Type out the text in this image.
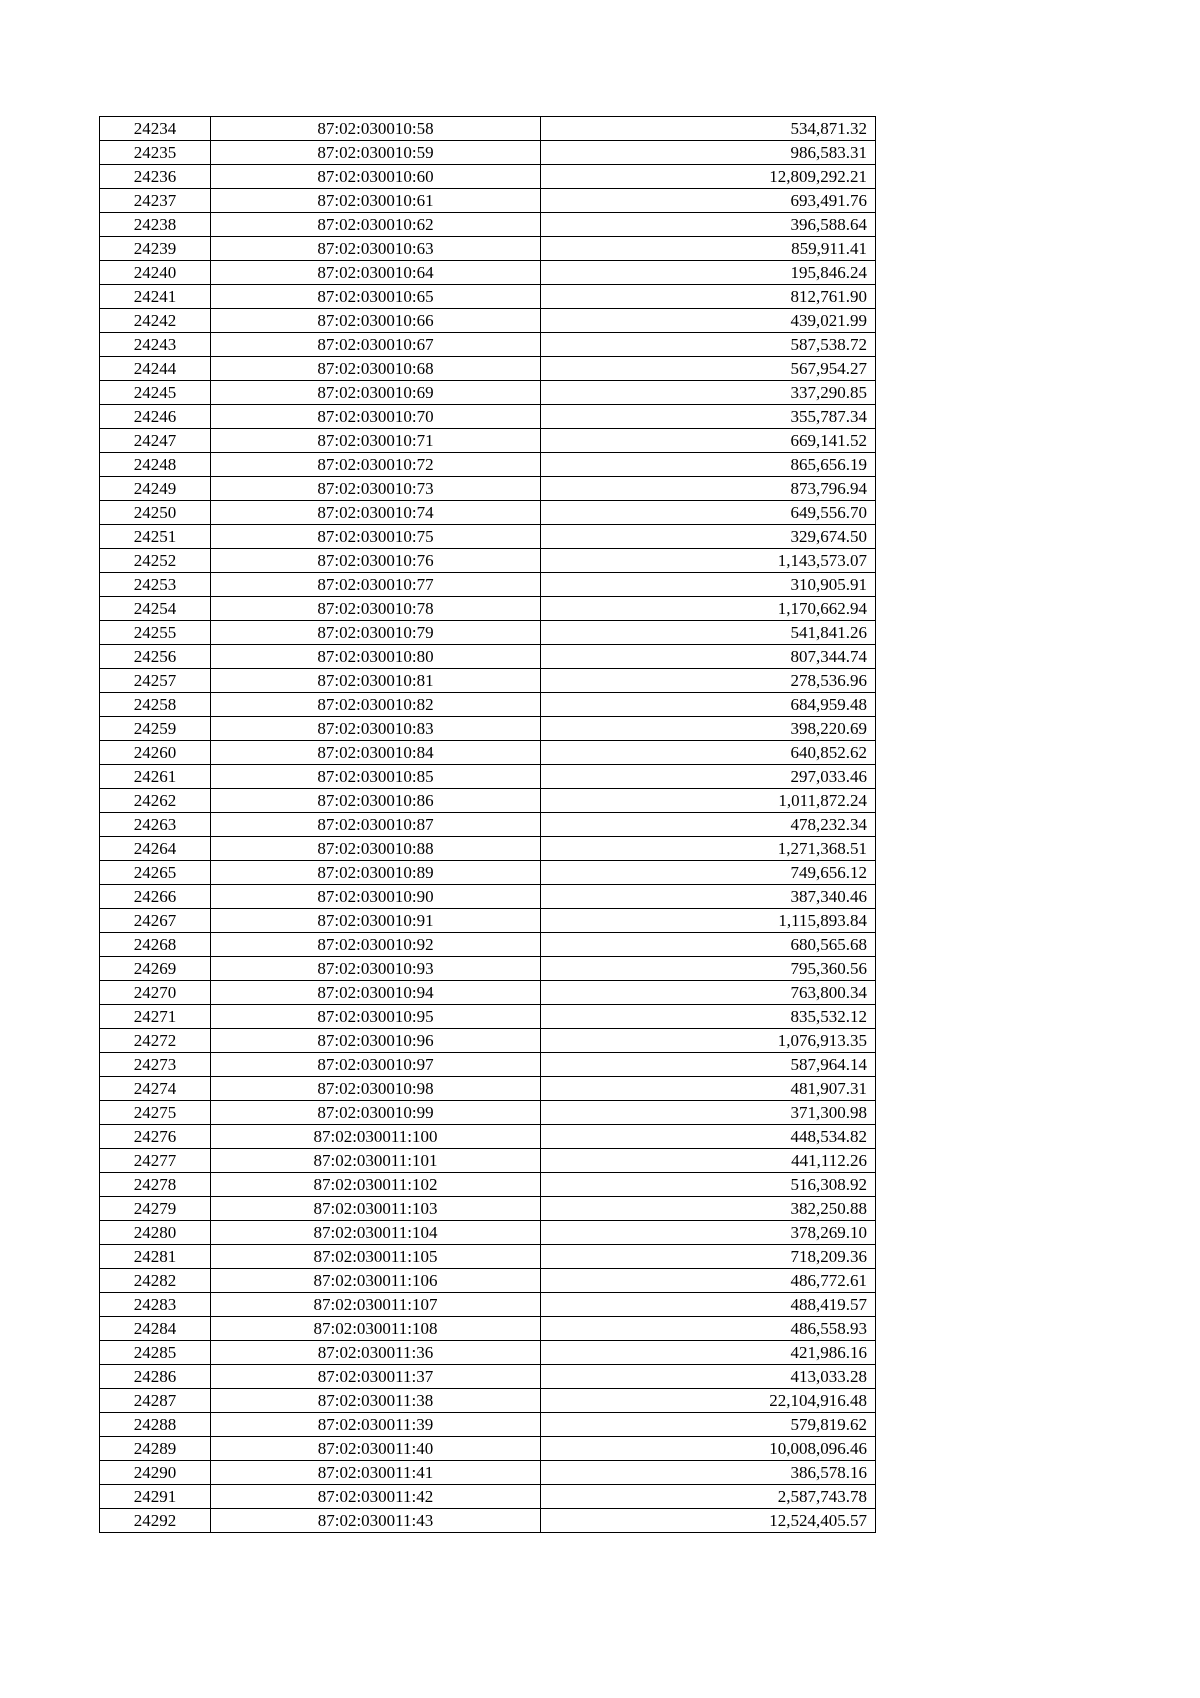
24234	87:02:030010:58	534,871.32
24235	87:02:030010:59	986,583.31
24236	87:02:030010:60	12,809,292.21
24237	87:02:030010:61	693,491.76
24238	87:02:030010:62	396,588.64
24239	87:02:030010:63	859,911.41
24240	87:02:030010:64	195,846.24
24241	87:02:030010:65	812,761.90
24242	87:02:030010:66	439,021.99
24243	87:02:030010:67	587,538.72
24244	87:02:030010:68	567,954.27
24245	87:02:030010:69	337,290.85
24246	87:02:030010:70	355,787.34
24247	87:02:030010:71	669,141.52
24248	87:02:030010:72	865,656.19
24249	87:02:030010:73	873,796.94
24250	87:02:030010:74	649,556.70
24251	87:02:030010:75	329,674.50
24252	87:02:030010:76	1,143,573.07
24253	87:02:030010:77	310,905.91
24254	87:02:030010:78	1,170,662.94
24255	87:02:030010:79	541,841.26
24256	87:02:030010:80	807,344.74
24257	87:02:030010:81	278,536.96
24258	87:02:030010:82	684,959.48
24259	87:02:030010:83	398,220.69
24260	87:02:030010:84	640,852.62
24261	87:02:030010:85	297,033.46
24262	87:02:030010:86	1,011,872.24
24263	87:02:030010:87	478,232.34
24264	87:02:030010:88	1,271,368.51
24265	87:02:030010:89	749,656.12
24266	87:02:030010:90	387,340.46
24267	87:02:030010:91	1,115,893.84
24268	87:02:030010:92	680,565.68
24269	87:02:030010:93	795,360.56
24270	87:02:030010:94	763,800.34
24271	87:02:030010:95	835,532.12
24272	87:02:030010:96	1,076,913.35
24273	87:02:030010:97	587,964.14
24274	87:02:030010:98	481,907.31
24275	87:02:030010:99	371,300.98
24276	87:02:030011:100	448,534.82
24277	87:02:030011:101	441,112.26
24278	87:02:030011:102	516,308.92
24279	87:02:030011:103	382,250.88
24280	87:02:030011:104	378,269.10
24281	87:02:030011:105	718,209.36
24282	87:02:030011:106	486,772.61
24283	87:02:030011:107	488,419.57
24284	87:02:030011:108	486,558.93
24285	87:02:030011:36	421,986.16
24286	87:02:030011:37	413,033.28
24287	87:02:030011:38	22,104,916.48
24288	87:02:030011:39	579,819.62
24289	87:02:030011:40	10,008,096.46
24290	87:02:030011:41	386,578.16
24291	87:02:030011:42	2,587,743.78
24292	87:02:030011:43	12,524,405.57
